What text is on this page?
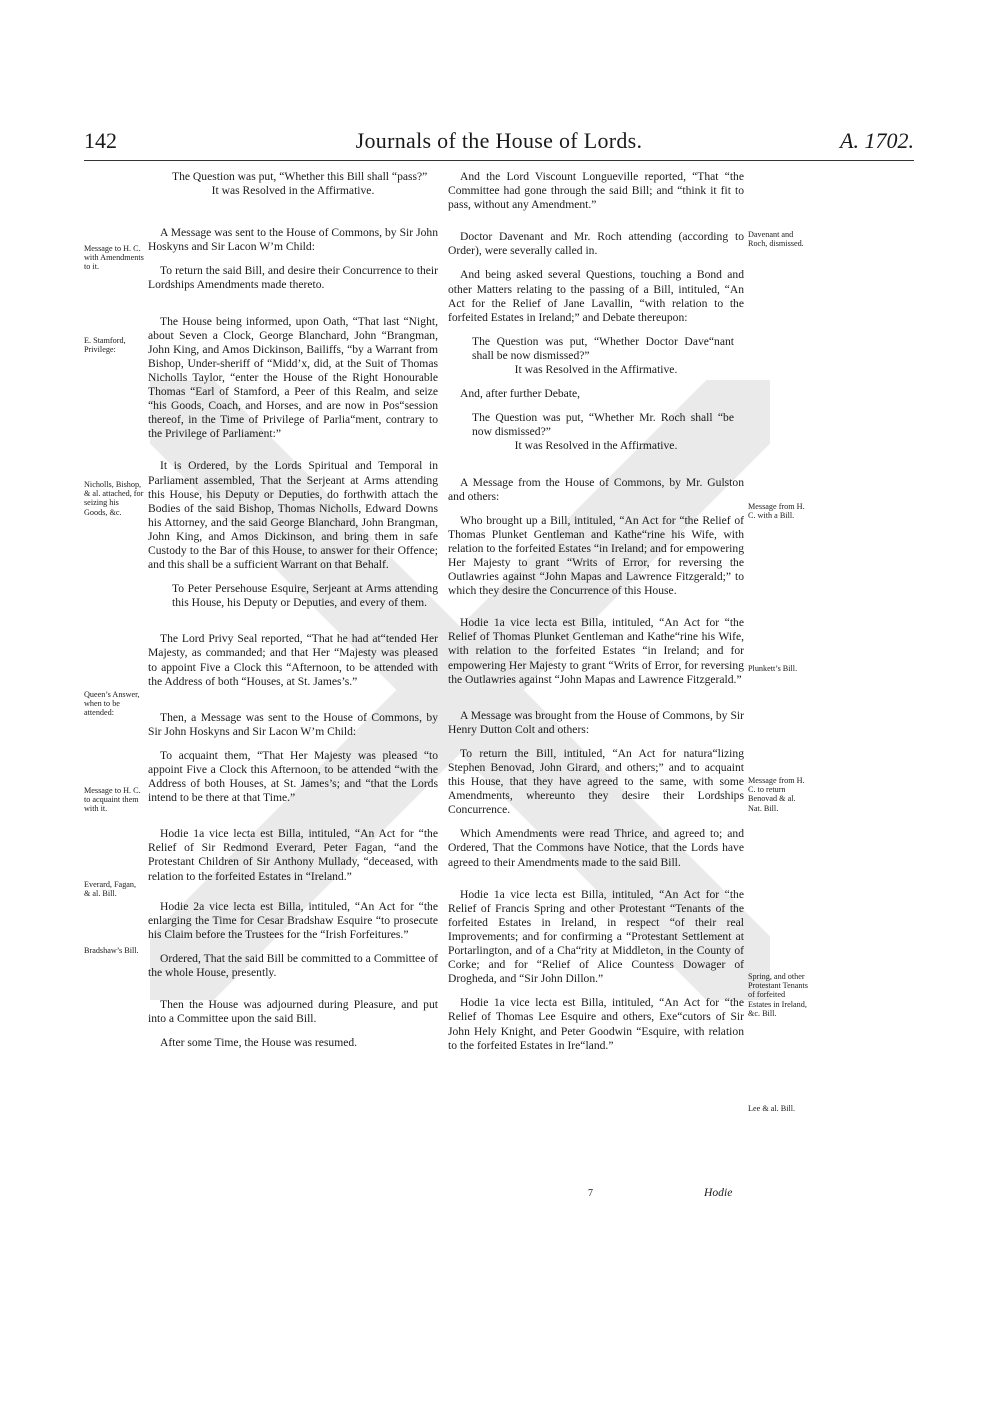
142	Journals of the House of Lords.	A. 1702.

The Question was put, “Whether this Bill shall “pass?”

It was Resolved in the Affirmative.

A Message was sent to the House of Commons, by Sir John Hoskyns and Sir Lacon W’m Child:

To return the said Bill, and desire their Concurrence to their Lordships Amendments made thereto.

The House being informed, upon Oath, “That last “Night, about Seven a Clock, George Blanchard, John “Brangman, John King, and Amos Dickinson, Bailiffs, “by a Warrant from Bishop, Under-sheriff of “Midd’x, did, at the Suit of Thomas Nicholls Taylor, “enter the House of the Right Honourable Thomas “Earl of Stamford, a Peer of this Realm, and seize “his Goods, Coach, and Horses, and are now in Pos“session thereof, in the Time of Privilege of Parlia“ment, contrary to the Privilege of Parliament:”

It is Ordered, by the Lords Spiritual and Temporal in Parliament assembled, That the Serjeant at Arms attending this House, his Deputy or Deputies, do forthwith attach the Bodies of the said Bishop, Thomas Nicholls, Edward Downs his Attorney, and the said George Blanchard, John Brangman, John King, and Amos Dickinson, and bring them in safe Custody to the Bar of this House, to answer for their Offence; and this shall be a sufficient Warrant on that Behalf.

To Peter Persehouse Esquire, Serjeant at Arms attending this House, his Deputy or Deputies, and every of them.

The Lord Privy Seal reported, “That he had at“tended Her Majesty, as commanded; and that Her “Majesty was pleased to appoint Five a Clock this “Afternoon, to be attended with the Address of both “Houses, at St. James’s.”

Then, a Message was sent to the House of Commons, by Sir John Hoskyns and Sir Lacon W’m Child:

To acquaint them, “That Her Majesty was pleased “to appoint Five a Clock this Afternoon, to be attended “with the Address of both Houses, at St. James’s; and “that the Lords intend to be there at that Time.”

Hodie 1a vice lecta est Billa, intituled, “An Act for “the Relief of Sir Redmond Everard, Peter Fagan, “and the Protestant Children of Sir Anthony Mullady, “deceased, with relation to the forfeited Estates in “Ireland.”

Hodie 2a vice lecta est Billa, intituled, “An Act for “the enlarging the Time for Cesar Bradshaw Esquire “to prosecute his Claim before the Trustees for the “Irish Forfeitures.”

Ordered, That the said Bill be committed to a Committee of the whole House, presently.

Then the House was adjourned during Pleasure, and put into a Committee upon the said Bill.

After some Time, the House was resumed.

And the Lord Viscount Longueville reported, “That “the Committee had gone through the said Bill; and “think it fit to pass, without any Amendment.”

Doctor Davenant and Mr. Roch attending (according to Order), were severally called in.

And being asked several Questions, touching a Bond and other Matters relating to the passing of a Bill, intituled, “An Act for the Relief of Jane Lavallin, “with relation to the forfeited Estates in Ireland;” and Debate thereupon:

The Question was put, “Whether Doctor Dave“nant shall be now dismissed?”

It was Resolved in the Affirmative.

And, after further Debate,

The Question was put, “Whether Mr. Roch shall “be now dismissed?”

It was Resolved in the Affirmative.

A Message from the House of Commons, by Mr. Gulston and others:

Who brought up a Bill, intituled, “An Act for “the Relief of Thomas Plunket Gentleman and Kathe“rine his Wife, with relation to the forfeited Estates “in Ireland; and for empowering Her Majesty to grant “Writs of Error, for reversing the Outlawries against “John Mapas and Lawrence Fitzgerald;” to which they desire the Concurrence of this House.

Hodie 1a vice lecta est Billa, intituled, “An Act for “the Relief of Thomas Plunket Gentleman and Kathe“rine his Wife, with relation to the forfeited Estates “in Ireland; and for empowering Her Majesty to grant “Writs of Error, for reversing the Outlawries against “John Mapas and Lawrence Fitzgerald.”

A Message was brought from the House of Commons, by Sir Henry Dutton Colt and others:

To return the Bill, intituled, “An Act for natura“lizing Stephen Benovad, John Girard, and others;” and to acquaint this House, that they have agreed to the same, with some Amendments, whereunto they desire their Lordships Concurrence.

Which Amendments were read Thrice, and agreed to; and Ordered, That the Commons have Notice, that the Lords have agreed to their Amendments made to the said Bill.

Hodie 1a vice lecta est Billa, intituled, “An Act for “the Relief of Francis Spring and other Protestant “Tenants of the forfeited Estates in Ireland, in respect “of their real Improvements; and for confirming a “Protestant Settlement at Portarlington, and of a Cha“rity at Middleton, in the County of Corke; and for “Relief of Alice Countess Dowager of Drogheda, and “Sir John Dillon.”

Hodie 1a vice lecta est Billa, intituled, “An Act for “the Relief of Thomas Lee Esquire and others, Exe“cutors of Sir John Hely Knight, and Peter Goodwin “Esquire, with relation to the forfeited Estates in Ire“land.”

Message to H. C. with Amendments to it.
E. Stamford, Privilege:
Nicholls, Bishop, & al. attached, for seizing his Goods, &c.
Queen’s Answer, when to be attended:
Message to H. C. to acquaint them with it.
Everard, Fagan, & al. Bill.
Bradshaw’s Bill.
Davenant and Roch, dismissed.
Message from H. C. with a Bill.
Plunkett’s Bill.
Message from H. C. to return Benovad & al. Nat. Bill.
Spring, and other Protestant Tenants of forfeited Estates in Ireland, &c. Bill.
Lee & al. Bill.
7	Hodie
